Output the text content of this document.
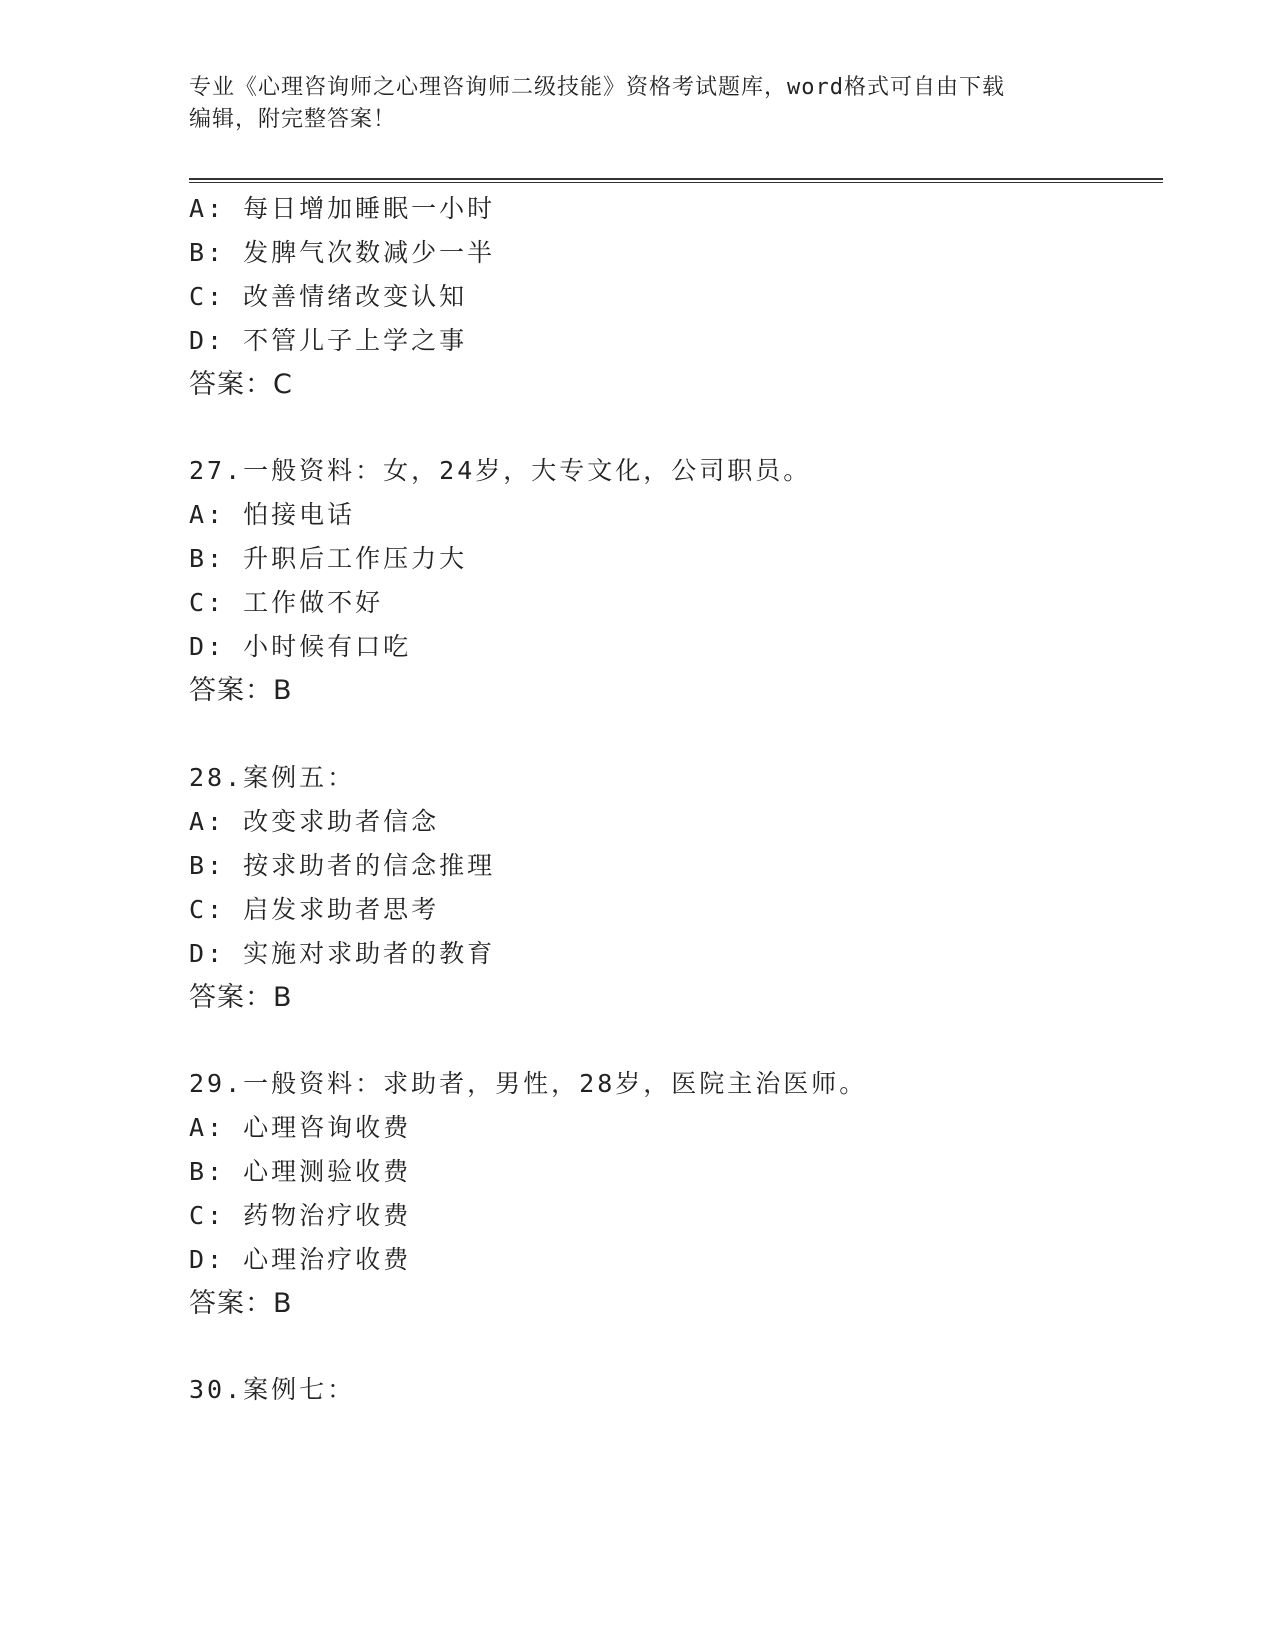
专业《心理咨询师之心理咨询师二级技能》资格考试题库，word格式可自由下载
编辑，附完整答案！
A: 每日增加睡眠一小时
B: 发脾气次数减少一半
C: 改善情绪改变认知
D: 不管儿子上学之事
答案：C
27.一般资料：女，24岁，大专文化，公司职员。
A: 怕接电话
B: 升职后工作压力大
C: 工作做不好
D: 小时候有口吃
答案：B
28.案例五：
A: 改变求助者信念
B: 按求助者的信念推理
C: 启发求助者思考
D: 实施对求助者的教育
答案：B
29.一般资料：求助者，男性，28岁，医院主治医师。
A: 心理咨询收费
B: 心理测验收费
C: 药物治疗收费
D: 心理治疗收费
答案：B
30.案例七：
